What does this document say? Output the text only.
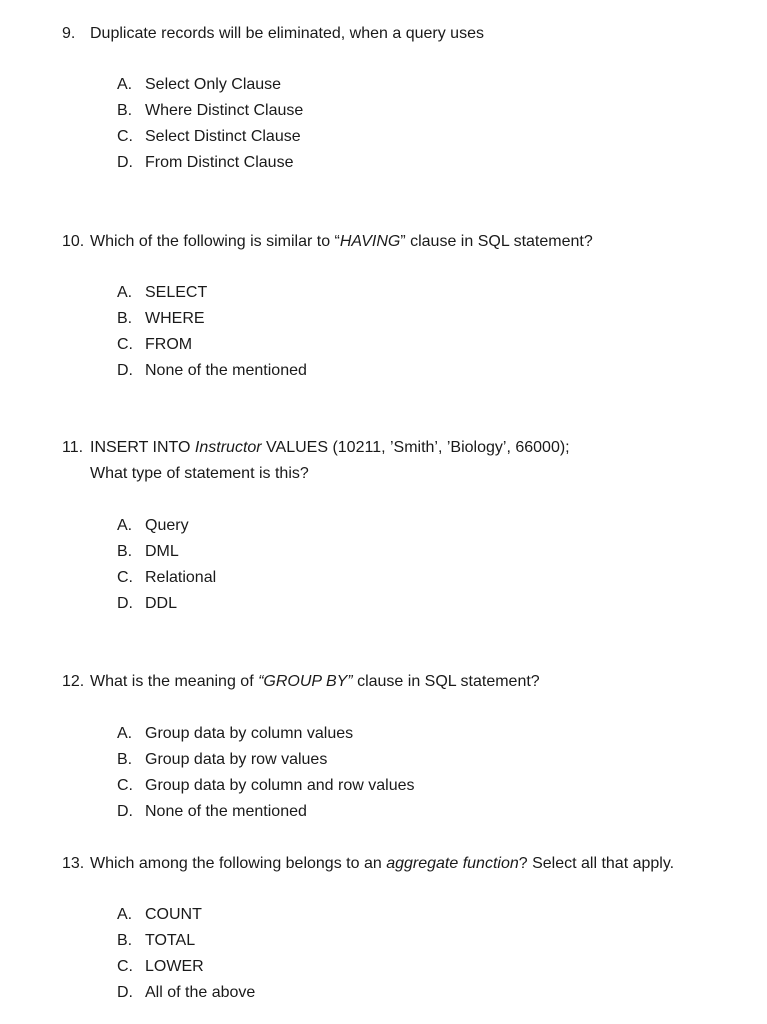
9. Duplicate records will be eliminated, when a query uses
A. Select Only Clause
B. Where Distinct Clause
C. Select Distinct Clause
D. From Distinct Clause
10. Which of the following is similar to “HAVING” clause in SQL statement?
A. SELECT
B. WHERE
C. FROM
D. None of the mentioned
11. INSERT INTO Instructor VALUES (10211, ’Smith’, ’Biology’, 66000);
What type of statement is this?
A. Query
B. DML
C. Relational
D. DDL
12. What is the meaning of “GROUP BY” clause in SQL statement?
A. Group data by column values
B. Group data by row values
C. Group data by column and row values
D. None of the mentioned
13. Which among the following belongs to an aggregate function? Select all that apply.
A. COUNT
B. TOTAL
C. LOWER
D. All of the above
